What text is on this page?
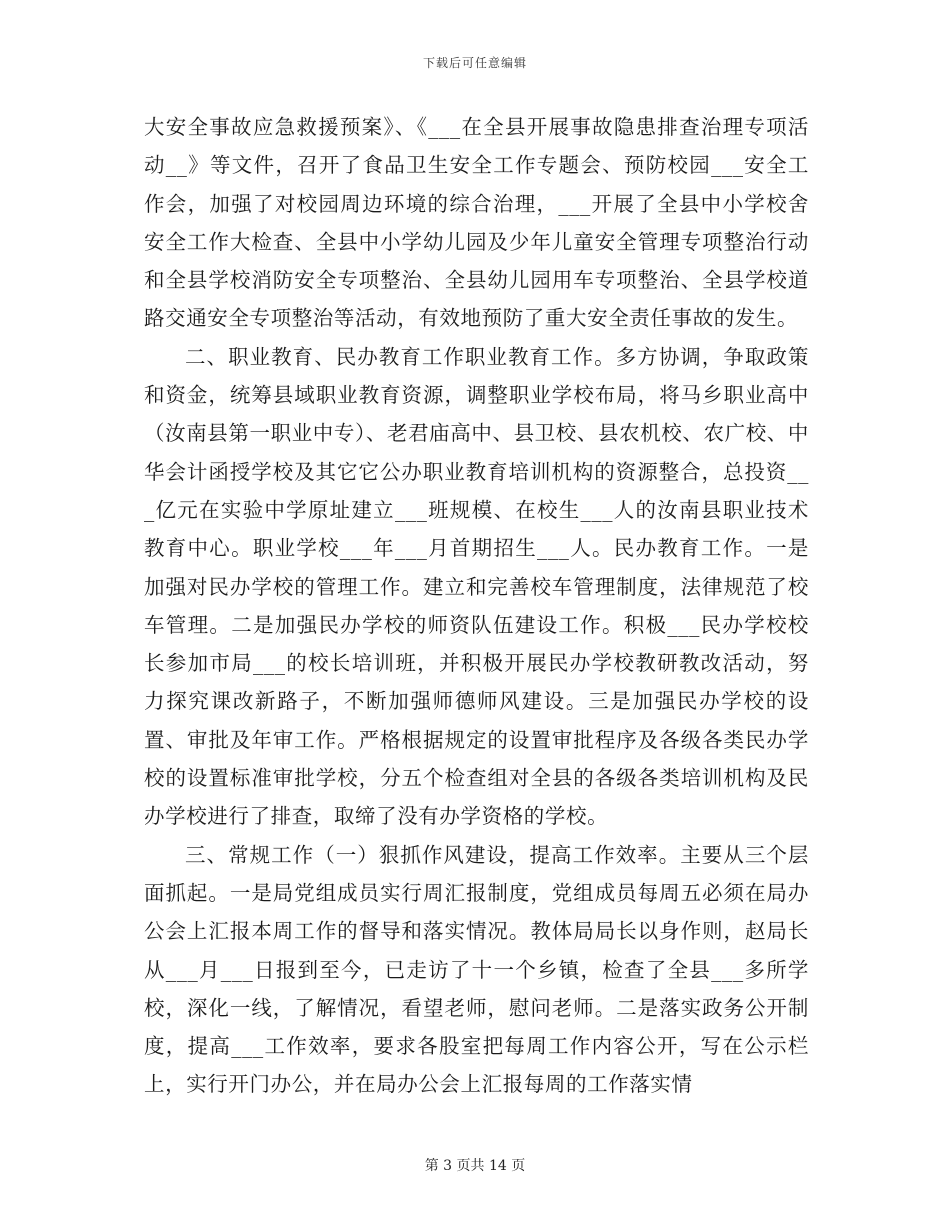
下载后可任意编辑

大安全事故应急救援预案》、《___在全县开展事故隐患排查治理专项活动__》等文件，召开了食品卫生安全工作专题会、预防校园___安全工作会，加强了对校园周边环境的综合治理，___开展了全县中小学校舍安全工作大检查、全县中小学幼儿园及少年儿童安全管理专项整治行动和全县学校消防安全专项整治、全县幼儿园用车专项整治、全县学校道路交通安全专项整治等活动，有效地预防了重大安全责任事故的发生。

二、职业教育、民办教育工作职业教育工作。多方协调，争取政策和资金，统筹县域职业教育资源，调整职业学校布局，将马乡职业高中（汝南县第一职业中专）、老君庙高中、县卫校、县农机校、农广校、中华会计函授学校及其它它公办职业教育培训机构的资源整合，总投资___亿元在实验中学原址建立___班规模、在校生___人的汝南县职业技术教育中心。职业学校___年___月首期招生___人。民办教育工作。一是加强对民办学校的管理工作。建立和完善校车管理制度，法律规范了校车管理。二是加强民办学校的师资队伍建设工作。积极___民办学校校长参加市局___的校长培训班，并积极开展民办学校教研教改活动，努力探究课改新路子，不断加强师德师风建设。三是加强民办学校的设置、审批及年审工作。严格根据规定的设置审批程序及各级各类民办学校的设置标准审批学校，分五个检查组对全县的各级各类培训机构及民办学校进行了排查，取缔了没有办学资格的学校。

三、常规工作（一）狠抓作风建设，提高工作效率。主要从三个层面抓起。一是局党组成员实行周汇报制度，党组成员每周五必须在局办公会上汇报本周工作的督导和落实情况。教体局局长以身作则，赵局长从___月___日报到至今，已走访了十一个乡镇，检查了全县___多所学校，深化一线，了解情况，看望老师，慰问老师。二是落实政务公开制度，提高___工作效率，要求各股室把每周工作内容公开，写在公示栏上，实行开门办公，并在局办公会上汇报每周的工作落实情

第 3 页共 14 页
